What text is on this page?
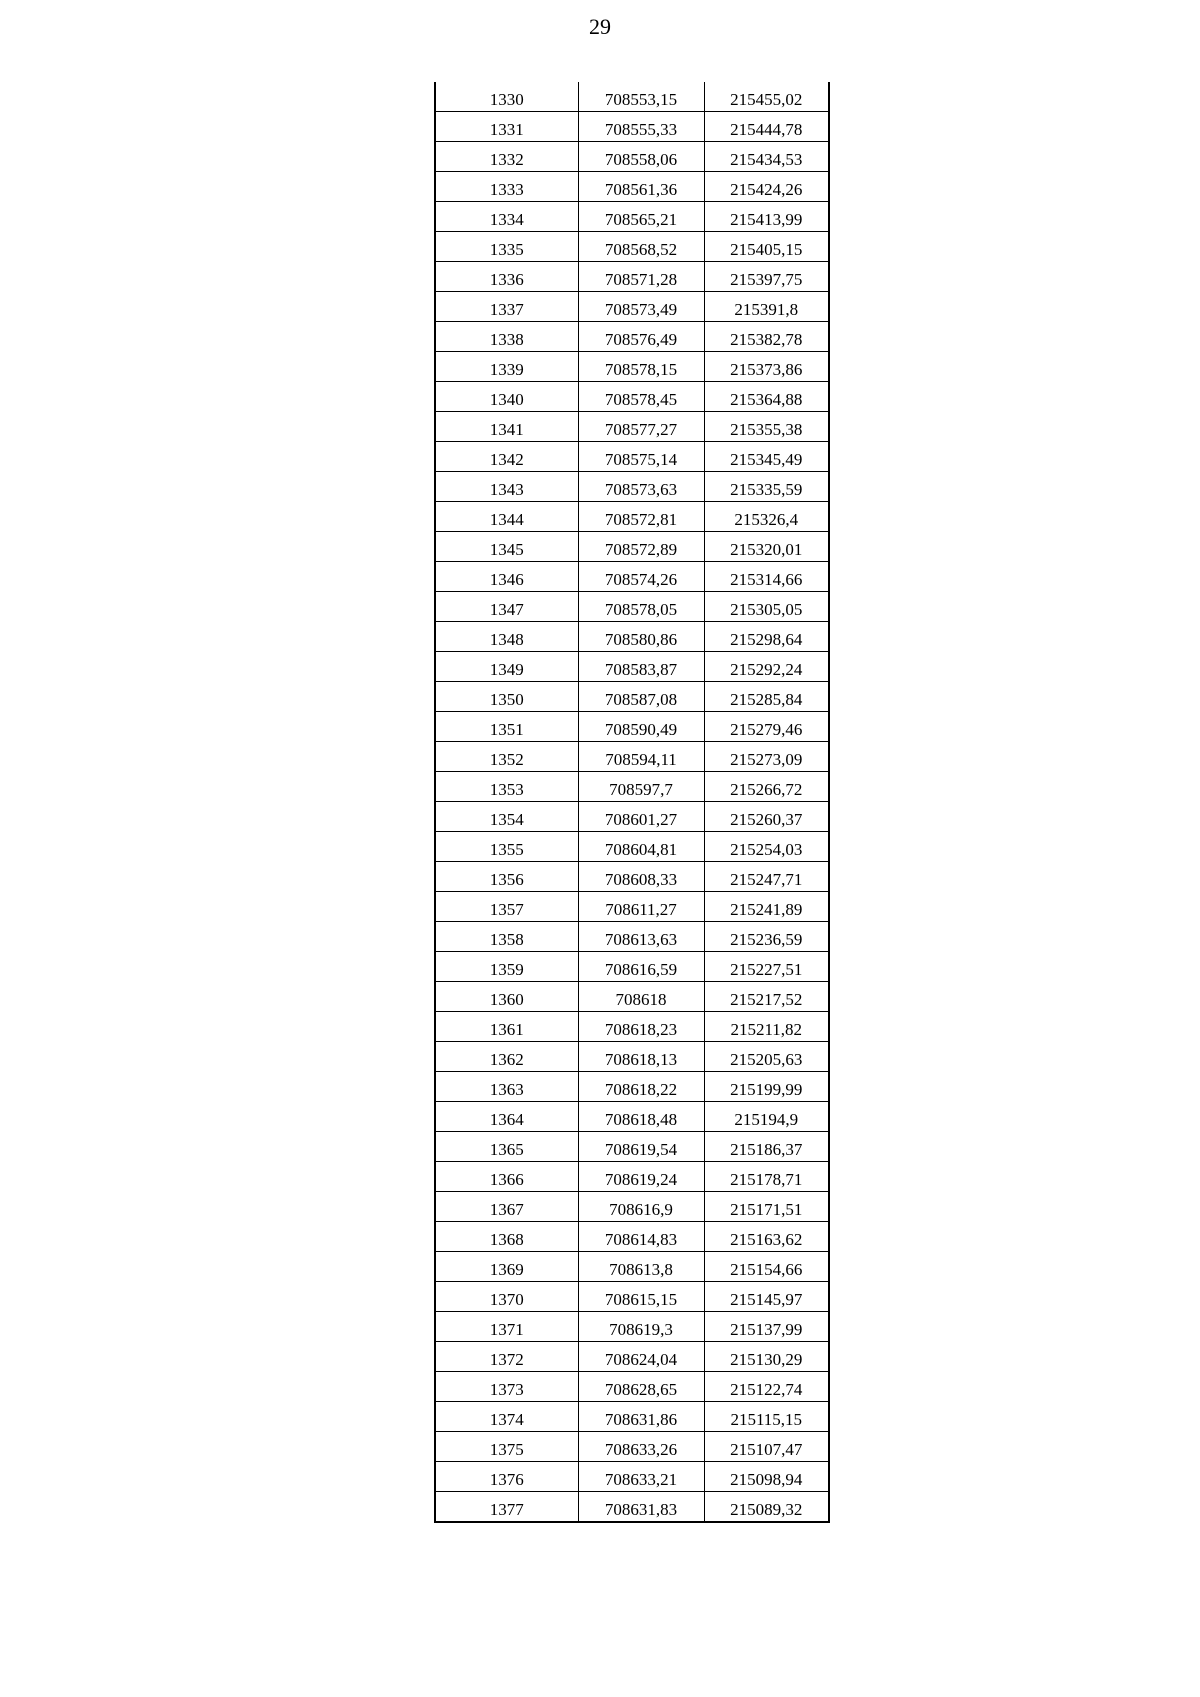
29
1330	708553,15	215455,02
1331	708555,33	215444,78
1332	708558,06	215434,53
1333	708561,36	215424,26
1334	708565,21	215413,99
1335	708568,52	215405,15
1336	708571,28	215397,75
1337	708573,49	215391,8
1338	708576,49	215382,78
1339	708578,15	215373,86
1340	708578,45	215364,88
1341	708577,27	215355,38
1342	708575,14	215345,49
1343	708573,63	215335,59
1344	708572,81	215326,4
1345	708572,89	215320,01
1346	708574,26	215314,66
1347	708578,05	215305,05
1348	708580,86	215298,64
1349	708583,87	215292,24
1350	708587,08	215285,84
1351	708590,49	215279,46
1352	708594,11	215273,09
1353	708597,7	215266,72
1354	708601,27	215260,37
1355	708604,81	215254,03
1356	708608,33	215247,71
1357	708611,27	215241,89
1358	708613,63	215236,59
1359	708616,59	215227,51
1360	708618	215217,52
1361	708618,23	215211,82
1362	708618,13	215205,63
1363	708618,22	215199,99
1364	708618,48	215194,9
1365	708619,54	215186,37
1366	708619,24	215178,71
1367	708616,9	215171,51
1368	708614,83	215163,62
1369	708613,8	215154,66
1370	708615,15	215145,97
1371	708619,3	215137,99
1372	708624,04	215130,29
1373	708628,65	215122,74
1374	708631,86	215115,15
1375	708633,26	215107,47
1376	708633,21	215098,94
1377	708631,83	215089,32
